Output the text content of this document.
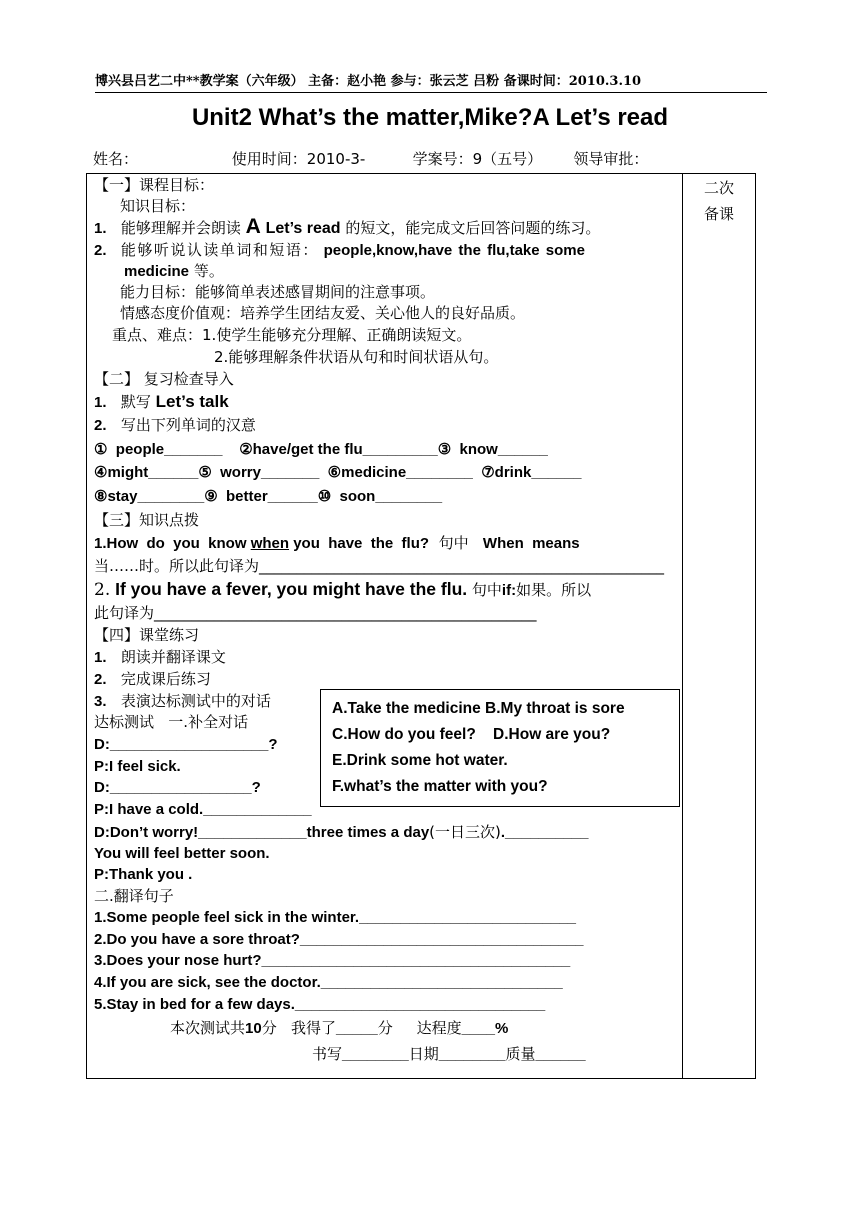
博兴县吕艺二中**教学案（六年级） 主备：赵小艳 参与：张云芝 吕粉 备课时间：2010.3.10
Unit2 What’s the matter,Mike?A Let’s read
姓名：	使用时间：2010-3-	学案号：9（五号） 领导审批：
二次
备课
【一】课程目标：
知识目标：
1. 能够理解并会朗读 A Let’s read 的短文，能完成文后回答问题的练习。
2. 能够听说认读单词和短语： people,know,have the flu,take some
medicine 等。
能力目标：能够简单表述感冒期间的注意事项。
情感态度价值观：培养学生团结友爱、关心他人的良好品质。
重点、难点：1.使学生能够充分理解、正确朗读短文。
2.能够理解条件状语从句和时间状语从句。
【二】 复习检查导入
1. 默写 Let’s talk
2. 写出下列单词的汉意
①  people_______    ②have/get the flu_________③  know______
④might______⑤  worry_______  ⑥medicine________  ⑦drink______
⑧stay________⑨  better______⑩  soon________
【三】知识点拨
1.How  do  you  know when you  have  the  flu?  句中   When  means
当……时。所以此句译为______________________________________________________
2. If you have a fever, you might have the flu. 句中if:如果。所以
此句译为___________________________________________________
【四】课堂练习
1. 朗读并翻译课文
2. 完成课后练习
3. 表演达标测试中的对话
达标测试   一.补全对话
D:___________________?
P:I feel sick.
D:_________________?
P:I have a cold._____________
D:Don’t worry!_____________three times a day(一日三次).__________
You will feel better soon.
P:Thank you .
A.Take the medicine B.My throat is sore
C.How do you feel?    D.How are you?
E.Drink some hot water.
F.what’s the matter with you?
二.翻译句子
1.Some people feel sick in the winter.__________________________
2.Do you have a sore throat?__________________________________
3.Does your nose hurt?_____________________________________
4.If you are sick, see the doctor._____________________________
5.Stay in bed for a few days.______________________________
本次测试共10分   我得了_____分     达程度____%
书写________日期________质量______
